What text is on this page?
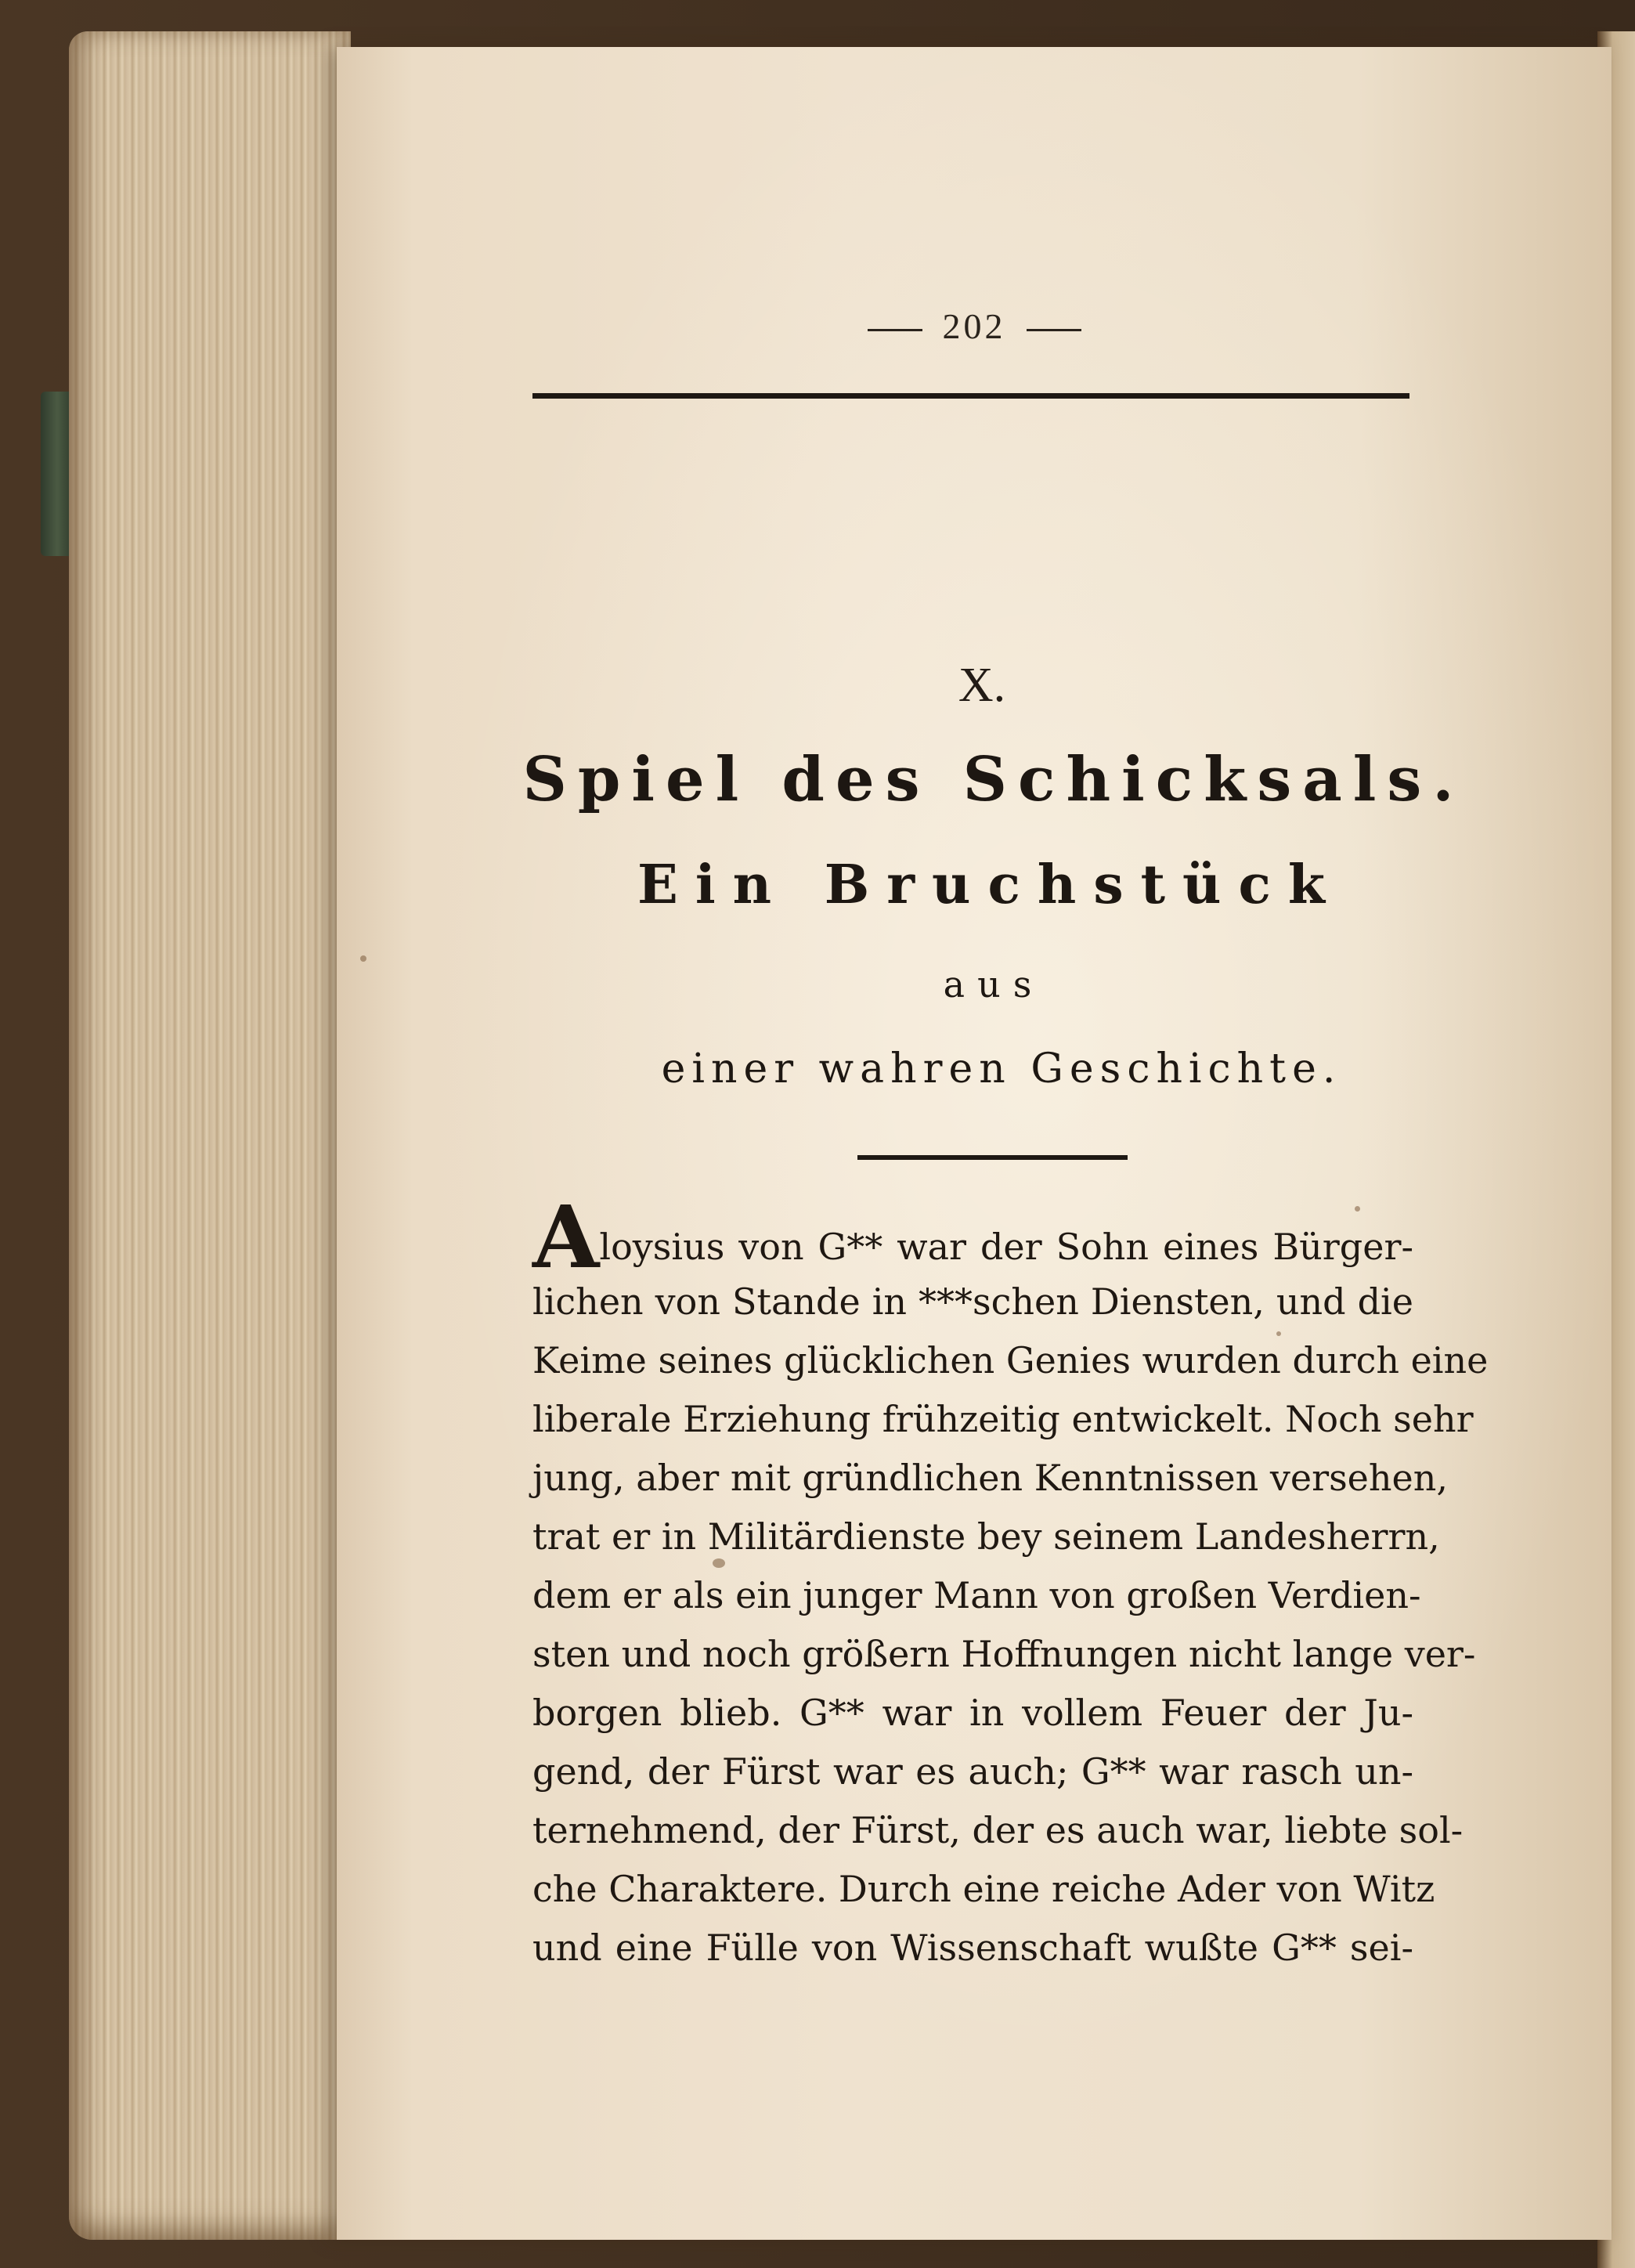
202
X.
Spiel des Schicksals.
Ein Bruchstück
aus
einer wahren Geschichte.
Aloysius von G** war der Sohn eines Bürger-
lichen von Stande in ***schen Diensten, und die
Keime seines glücklichen Genies wurden durch eine
liberale Erziehung frühzeitig entwickelt. Noch sehr
jung, aber mit gründlichen Kenntnissen versehen,
trat er in Militärdienste bey seinem Landesherrn,
dem er als ein junger Mann von großen Verdien-
sten und noch größern Hoffnungen nicht lange ver-
borgen blieb. G** war in vollem Feuer der Ju-
gend, der Fürst war es auch; G** war rasch un-
ternehmend, der Fürst, der es auch war, liebte sol-
che Charaktere. Durch eine reiche Ader von Witz
und eine Fülle von Wissenschaft wußte G** sei-
